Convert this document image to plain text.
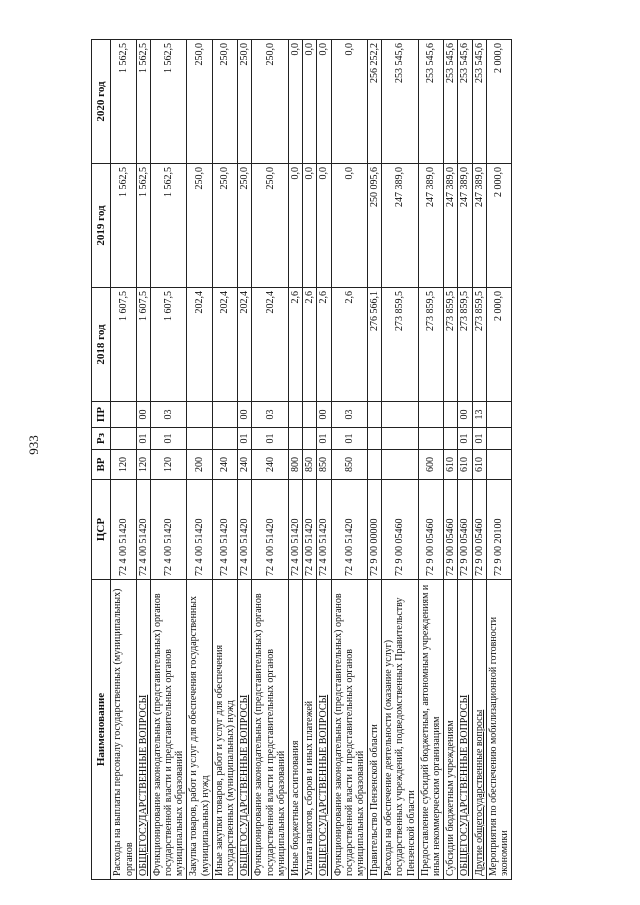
933
Наименование	ЦСР	ВР	Рз	ПР	2018 год	2019 год	2020 год
Расходы на выплаты персоналу государственных (муниципальных) органов	72 4 00 51420	120			1 607,5	1 562,5	1 562,5
ОБЩЕГОСУДАРСТВЕННЫЕ ВОПРОСЫ	72 4 00 51420	120	01	00	1 607,5	1 562,5	1 562,5
Функционирование законодательных (представительных) органов государственной власти и представительных органов муниципальных образований	72 4 00 51420	120	01	03	1 607,5	1 562,5	1 562,5
Закупка товаров, работ и услуг для обеспечения государственных (муниципальных) нужд	72 4 00 51420	200			202,4	250,0	250,0
Иные закупки товаров, работ и услуг для обеспечения государственных (муниципальных) нужд	72 4 00 51420	240			202,4	250,0	250,0
ОБЩЕГОСУДАРСТВЕННЫЕ ВОПРОСЫ	72 4 00 51420	240	01	00	202,4	250,0	250,0
Функционирование законодательных (представительных) органов государственной власти и представительных органов муниципальных образований	72 4 00 51420	240	01	03	202,4	250,0	250,0
Иные бюджетные ассигнования	72 4 00 51420	800			2,6	0,0	0,0
Уплата налогов, сборов и иных платежей	72 4 00 51420	850			2,6	0,0	0,0
ОБЩЕГОСУДАРСТВЕННЫЕ ВОПРОСЫ	72 4 00 51420	850	01	00	2,6	0,0	0,0
Функционирование законодательных (представительных) органов государственной власти и представительных органов муниципальных образований	72 4 00 51420	850	01	03	2,6	0,0	0,0
Правительство Пензенской области	72 9 00 00000				276 566,1	250 095,6	256 252,2
Расходы на обеспечение деятельности (оказание услуг) государственных учреждений, подведомственных Правительству Пензенской области	72 9 00 05460				273 859,5	247 389,0	253 545,6
Предоставление субсидий бюджетным, автономным учреждениям и иным некоммерческим организациям	72 9 00 05460	600			273 859,5	247 389,0	253 545,6
Субсидии бюджетным учреждениям	72 9 00 05460	610			273 859,5	247 389,0	253 545,6
ОБЩЕГОСУДАРСТВЕННЫЕ ВОПРОСЫ	72 9 00 05460	610	01	00	273 859,5	247 389,0	253 545,6
Другие общегосударственные вопросы	72 9 00 05460	610	01	13	273 859,5	247 389,0	253 545,6
Мероприятия по обеспечению мобилизационной готовности экономики	72 9 00 20100				2 000,0	2 000,0	2 000,0
